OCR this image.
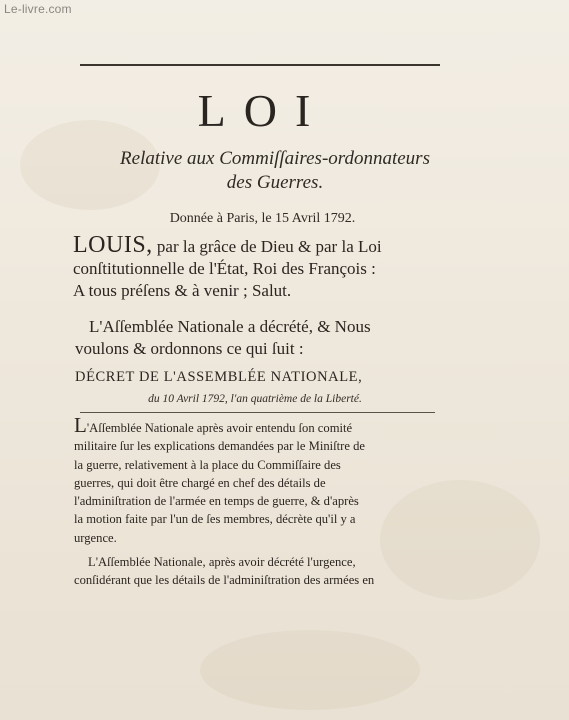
Le-livre.com
LOI
Relative aux Commiſſaires-ordonnateurs
des Guerres.
Donnée à Paris, le 15 Avril 1792.
LOUIS, par la grâce de Dieu & par la Loi
conſtitutionnelle de l'État, Roi des François :
A tous préſens & à venir ; Salut.
L'Aſſemblée Nationale a décrété, & Nous
voulons & ordonnons ce qui ſuit :
DÉCRET DE L'ASSEMBLÉE NATIONALE,
du 10 Avril 1792, l'an quatrième de la Liberté.
L'Aſſemblée Nationale après avoir entendu ſon comité
militaire ſur les explications demandées par le Miniſtre de
la guerre, relativement à la place du Commiſſaire des
guerres, qui doit être chargé en chef des détails de
l'adminiſtration de l'armée en temps de guerre, & d'après
la motion faite par l'un de ſes membres, décrète qu'il y a
urgence.
L'Aſſemblée Nationale, après avoir décrété l'urgence,
conſidérant que les détails de l'adminiſtration des armées en
